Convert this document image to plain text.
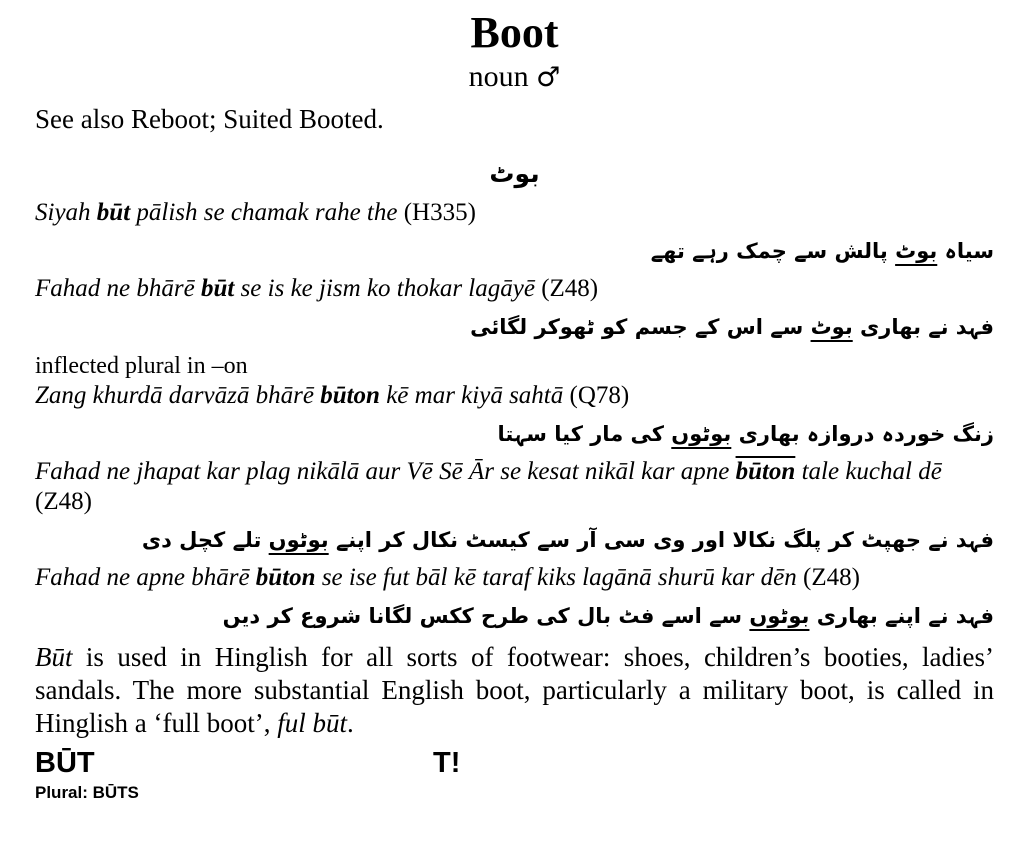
Boot
noun ♂
See also Reboot; Suited Booted.
بوٹ
Siyah būt pālish se chamak rahe the (H335)
سیاہ بوٹ پالش سے چمک رہے تھے
Fahad ne bhārē būt se is ke jism ko thokar lagāyē (Z48)
فہد نے بھاری بوٹ سے اس کے جسم کو ٹھوکر لگائی
inflected plural in –on
Zang khurdā darvāzā bhārē būton kē mar kiyā sahtā (Q78)
زنگ خوردہ دروازہ بھاری بوٹوں کی مار کیا سہتا
Fahad ne jhapat kar plag nikālā aur Vē Sē Ār se kesat nikāl kar apne būton tale kuchal dē
(Z48)
فہد نے جھپٹ کر پلگ نکالا اور وی سی آر سے کیسٹ نکال کر اپنے بوٹوں تلے کچل دی
Fahad ne apne bhārē būton se ise fut bāl kē taraf kiks lagānā shurū kar dēn (Z48)
فہد نے اپنے بھاری بوٹوں سے اسے فٹ بال کی طرح ککس لگانا شروع کر دیں
Būt is used in Hinglish for all sorts of footwear: shoes, children’s booties, ladies’ sandals. The more substantial English boot, particularly a military boot, is called in Hinglish a ‘full boot’, ful būt.
BŪT	T!
Plural: BŪTS
